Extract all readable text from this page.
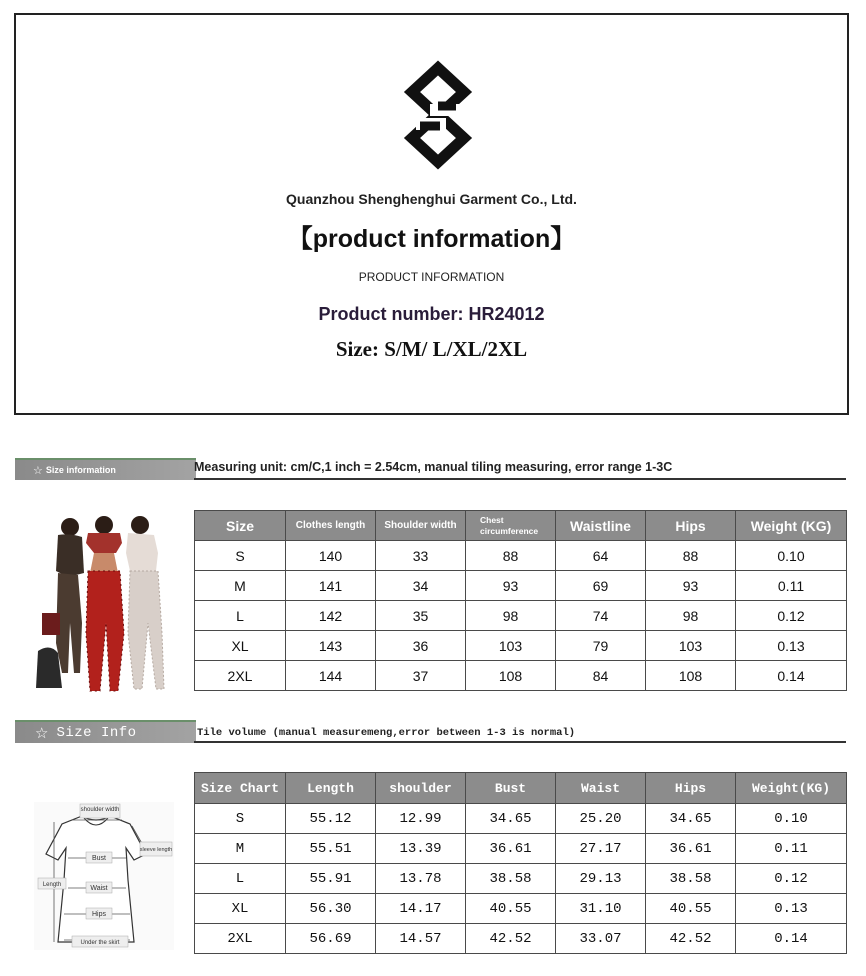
Quanzhou Shenghenghui Garment Co., Ltd.
【product information】
PRODUCT INFORMATION
Product number: HR24012
Size: S/M/ L/XL/2XL
☆ Size information	Measuring unit: cm/C,1 inch = 2.54cm, manual tiling measuring, error range 1-3C
Size	Clothes length	Shoulder width	Chest circumference	Waistline	Hips	Weight (KG)
S	140	33	88	64	88	0.10
M	141	34	93	69	93	0.11
L	142	35	98	74	98	0.12
XL	143	36	103	79	103	0.13
2XL	144	37	108	84	108	0.14
☆ Size Info	Tile volume (manual measuremeng,error between 1-3 is normal)
shoulder width
sleeve length
Bust
Length	Waist
Hips
Under the skirt
Size Chart	Length	shoulder	Bust	Waist	Hips	Weight(KG)
S	55.12	12.99	34.65	25.20	34.65	0.10
M	55.51	13.39	36.61	27.17	36.61	0.11
L	55.91	13.78	38.58	29.13	38.58	0.12
XL	56.30	14.17	40.55	31.10	40.55	0.13
2XL	56.69	14.57	42.52	33.07	42.52	0.14
